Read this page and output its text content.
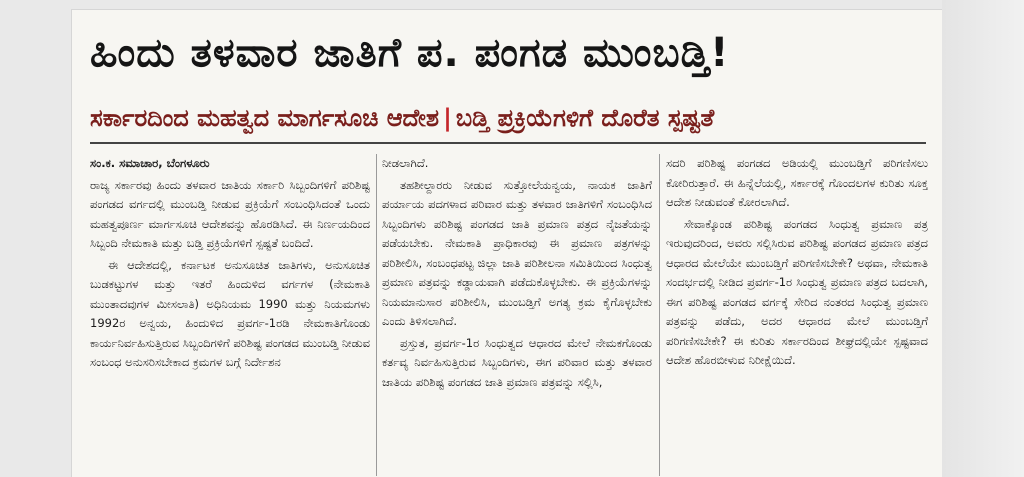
ಹಿಂದು ತಳವಾರ ಜಾತಿಗೆ ಪ. ಪಂಗಡ ಮುಂಬಡ್ತಿ!
ಸರ್ಕಾರದಿಂದ ಮಹತ್ವದ ಮಾರ್ಗಸೂಚಿ ಆದೇಶ | ಬಡ್ತಿ ಪ್ರಕ್ರಿಯೆಗಳಿಗೆ ದೊರೆತ ಸ್ಪಷ್ಟತೆ

ಸಂ.ಕ. ಸಮಾಚಾರ, ಬೆಂಗಳೂರು

ರಾಜ್ಯ ಸರ್ಕಾರವು ಹಿಂದು ತಳವಾರ ಜಾತಿಯ ಸರ್ಕಾರಿ ಸಿಬ್ಬಂದಿಗಳಿಗೆ ಪರಿಶಿಷ್ಟ ಪಂಗಡದ ವರ್ಗದಲ್ಲಿ ಮುಂಬಡ್ತಿ ನೀಡುವ ಪ್ರಕ್ರಿಯೆಗೆ ಸಂಬಂಧಿಸಿದಂತೆ ಒಂದು ಮಹತ್ವಪೂರ್ಣ ಮಾರ್ಗಸೂಚಿ ಆದೇಶವನ್ನು ಹೊರಡಿಸಿದೆ. ಈ ನಿರ್ಣಯದಿಂದ ಸಿಬ್ಬಂದಿ ನೇಮಕಾತಿ ಮತ್ತು ಬಡ್ತಿ ಪ್ರಕ್ರಿಯೆಗಳಿಗೆ ಸ್ಪಷ್ಟತೆ ಬಂದಿದೆ.

ಈ ಆದೇಶದಲ್ಲಿ, ಕರ್ನಾಟಕ ಅನುಸೂಚಿತ ಜಾತಿಗಳು, ಅನುಸೂಚಿತ ಬುಡಕಟ್ಟುಗಳ ಮತ್ತು ಇತರೆ ಹಿಂದುಳಿದ ವರ್ಗಗಳ (ನೇಮಕಾತಿ ಮುಂತಾದವುಗಳ ಮೀಸಲಾತಿ) ಅಧಿನಿಯಮ 1990 ಮತ್ತು ನಿಯಮಗಳು 1992ರ ಅನ್ವಯ, ಹಿಂದುಳಿದ ಪ್ರವರ್ಗ-1ರಡಿ ನೇಮಕಾತಿಗೊಂಡು ಕಾರ್ಯನಿರ್ವಹಿಸುತ್ತಿರುವ ಸಿಬ್ಬಂದಿಗಳಿಗೆ ಪರಿಶಿಷ್ಟ ಪಂಗಡದ ಮುಂಬಡ್ತಿ ನೀಡುವ ಸಂಬಂಧ ಅನುಸರಿಸಬೇಕಾದ ಕ್ರಮಗಳ ಬಗ್ಗೆ ನಿರ್ದೇಶನ

ನೀಡಲಾಗಿದೆ.

ತಹಶೀಲ್ದಾರರು ನೀಡುವ ಸುತ್ತೋಲೆಯನ್ವಯ, ನಾಯಕ ಜಾತಿಗೆ ಪರ್ಯಾಯ ಪದಗಳಾದ ಪರಿವಾರ ಮತ್ತು ತಳವಾರ ಜಾತಿಗಳಿಗೆ ಸಂಬಂಧಿಸಿದ ಸಿಬ್ಬಂದಿಗಳು ಪರಿಶಿಷ್ಟ ಪಂಗಡದ ಜಾತಿ ಪ್ರಮಾಣ ಪತ್ರದ ನೈಜತೆಯನ್ನು ಪಡೆಯಬೇಕು. ನೇಮಕಾತಿ ಪ್ರಾಧಿಕಾರವು ಈ ಪ್ರಮಾಣ ಪತ್ರಗಳನ್ನು ಪರಿಶೀಲಿಸಿ, ಸಂಬಂಧಪಟ್ಟ ಜಿಲ್ಲಾ ಜಾತಿ ಪರಿಶೀಲನಾ ಸಮಿತಿಯಿಂದ ಸಿಂಧುತ್ವ ಪ್ರಮಾಣ ಪತ್ರವನ್ನು ಕಡ್ಡಾಯವಾಗಿ ಪಡೆದುಕೊಳ್ಳಬೇಕು. ಈ ಪ್ರಕ್ರಿಯೆಗಳನ್ನು ನಿಯಮಾನುಸಾರ ಪರಿಶೀಲಿಸಿ, ಮುಂಬಡ್ತಿಗೆ ಅಗತ್ಯ ಕ್ರಮ ಕೈಗೊಳ್ಳಬೇಕು ಎಂದು ತಿಳಿಸಲಾಗಿದೆ.

ಪ್ರಸ್ತುತ, ಪ್ರವರ್ಗ-1ರ ಸಿಂಧುತ್ವದ ಆಧಾರದ ಮೇಲೆ ನೇಮಕಗೊಂಡು ಕರ್ತವ್ಯ ನಿರ್ವಹಿಸುತ್ತಿರುವ ಸಿಬ್ಬಂದಿಗಳು, ಈಗ ಪರಿವಾರ ಮತ್ತು ತಳವಾರ ಜಾತಿಯ ಪರಿಶಿಷ್ಟ ಪಂಗಡದ ಜಾತಿ ಪ್ರಮಾಣ ಪತ್ರವನ್ನು ಸಲ್ಲಿಸಿ,

ಸದರಿ ಪರಿಶಿಷ್ಟ ಪಂಗಡದ ಅಡಿಯಲ್ಲಿ ಮುಂಬಡ್ತಿಗೆ ಪರಿಗಣಿಸಲು ಕೋರಿರುತ್ತಾರೆ. ಈ ಹಿನ್ನೆಲೆಯಲ್ಲಿ, ಸರ್ಕಾರಕ್ಕೆ ಗೊಂದಲಗಳ ಕುರಿತು ಸೂಕ್ತ ಆದೇಶ ನೀಡುವಂತೆ ಕೋರಲಾಗಿದೆ.

ಸೇವಾಕ್ಕೊಂಡ ಪರಿಶಿಷ್ಟ ಪಂಗಡದ ಸಿಂಧುತ್ವ ಪ್ರಮಾಣ ಪತ್ರ ಇರುವುದರಿಂದ, ಅವರು ಸಲ್ಲಿಸಿರುವ ಪರಿಶಿಷ್ಟ ಪಂಗಡದ ಪ್ರಮಾಣ ಪತ್ರದ ಆಧಾರದ ಮೇಲೆಯೇ ಮುಂಬಡ್ತಿಗೆ ಪರಿಗಣಿಸಬೇಕೇ? ಅಥವಾ, ನೇಮಕಾತಿ ಸಂದರ್ಭದಲ್ಲಿ ನೀಡಿದ ಪ್ರವರ್ಗ-1ರ ಸಿಂಧುತ್ವ ಪ್ರಮಾಣ ಪತ್ರದ ಬದಲಾಗಿ, ಈಗ ಪರಿಶಿಷ್ಟ ಪಂಗಡದ ವರ್ಗಕ್ಕೆ ಸೇರಿದ ನಂತರದ ಸಿಂಧುತ್ವ ಪ್ರಮಾಣ ಪತ್ರವನ್ನು ಪಡೆದು, ಅದರ ಆಧಾರದ ಮೇಲೆ ಮುಂಬಡ್ತಿಗೆ ಪರಿಗಣಿಸಬೇಕೇ? ಈ ಕುರಿತು ಸರ್ಕಾರದಿಂದ ಶೀಘ್ರದಲ್ಲಿಯೇ ಸ್ಪಷ್ಟವಾದ ಆದೇಶ ಹೊರಬೀಳುವ ನಿರೀಕ್ಷೆಯಿದೆ.
